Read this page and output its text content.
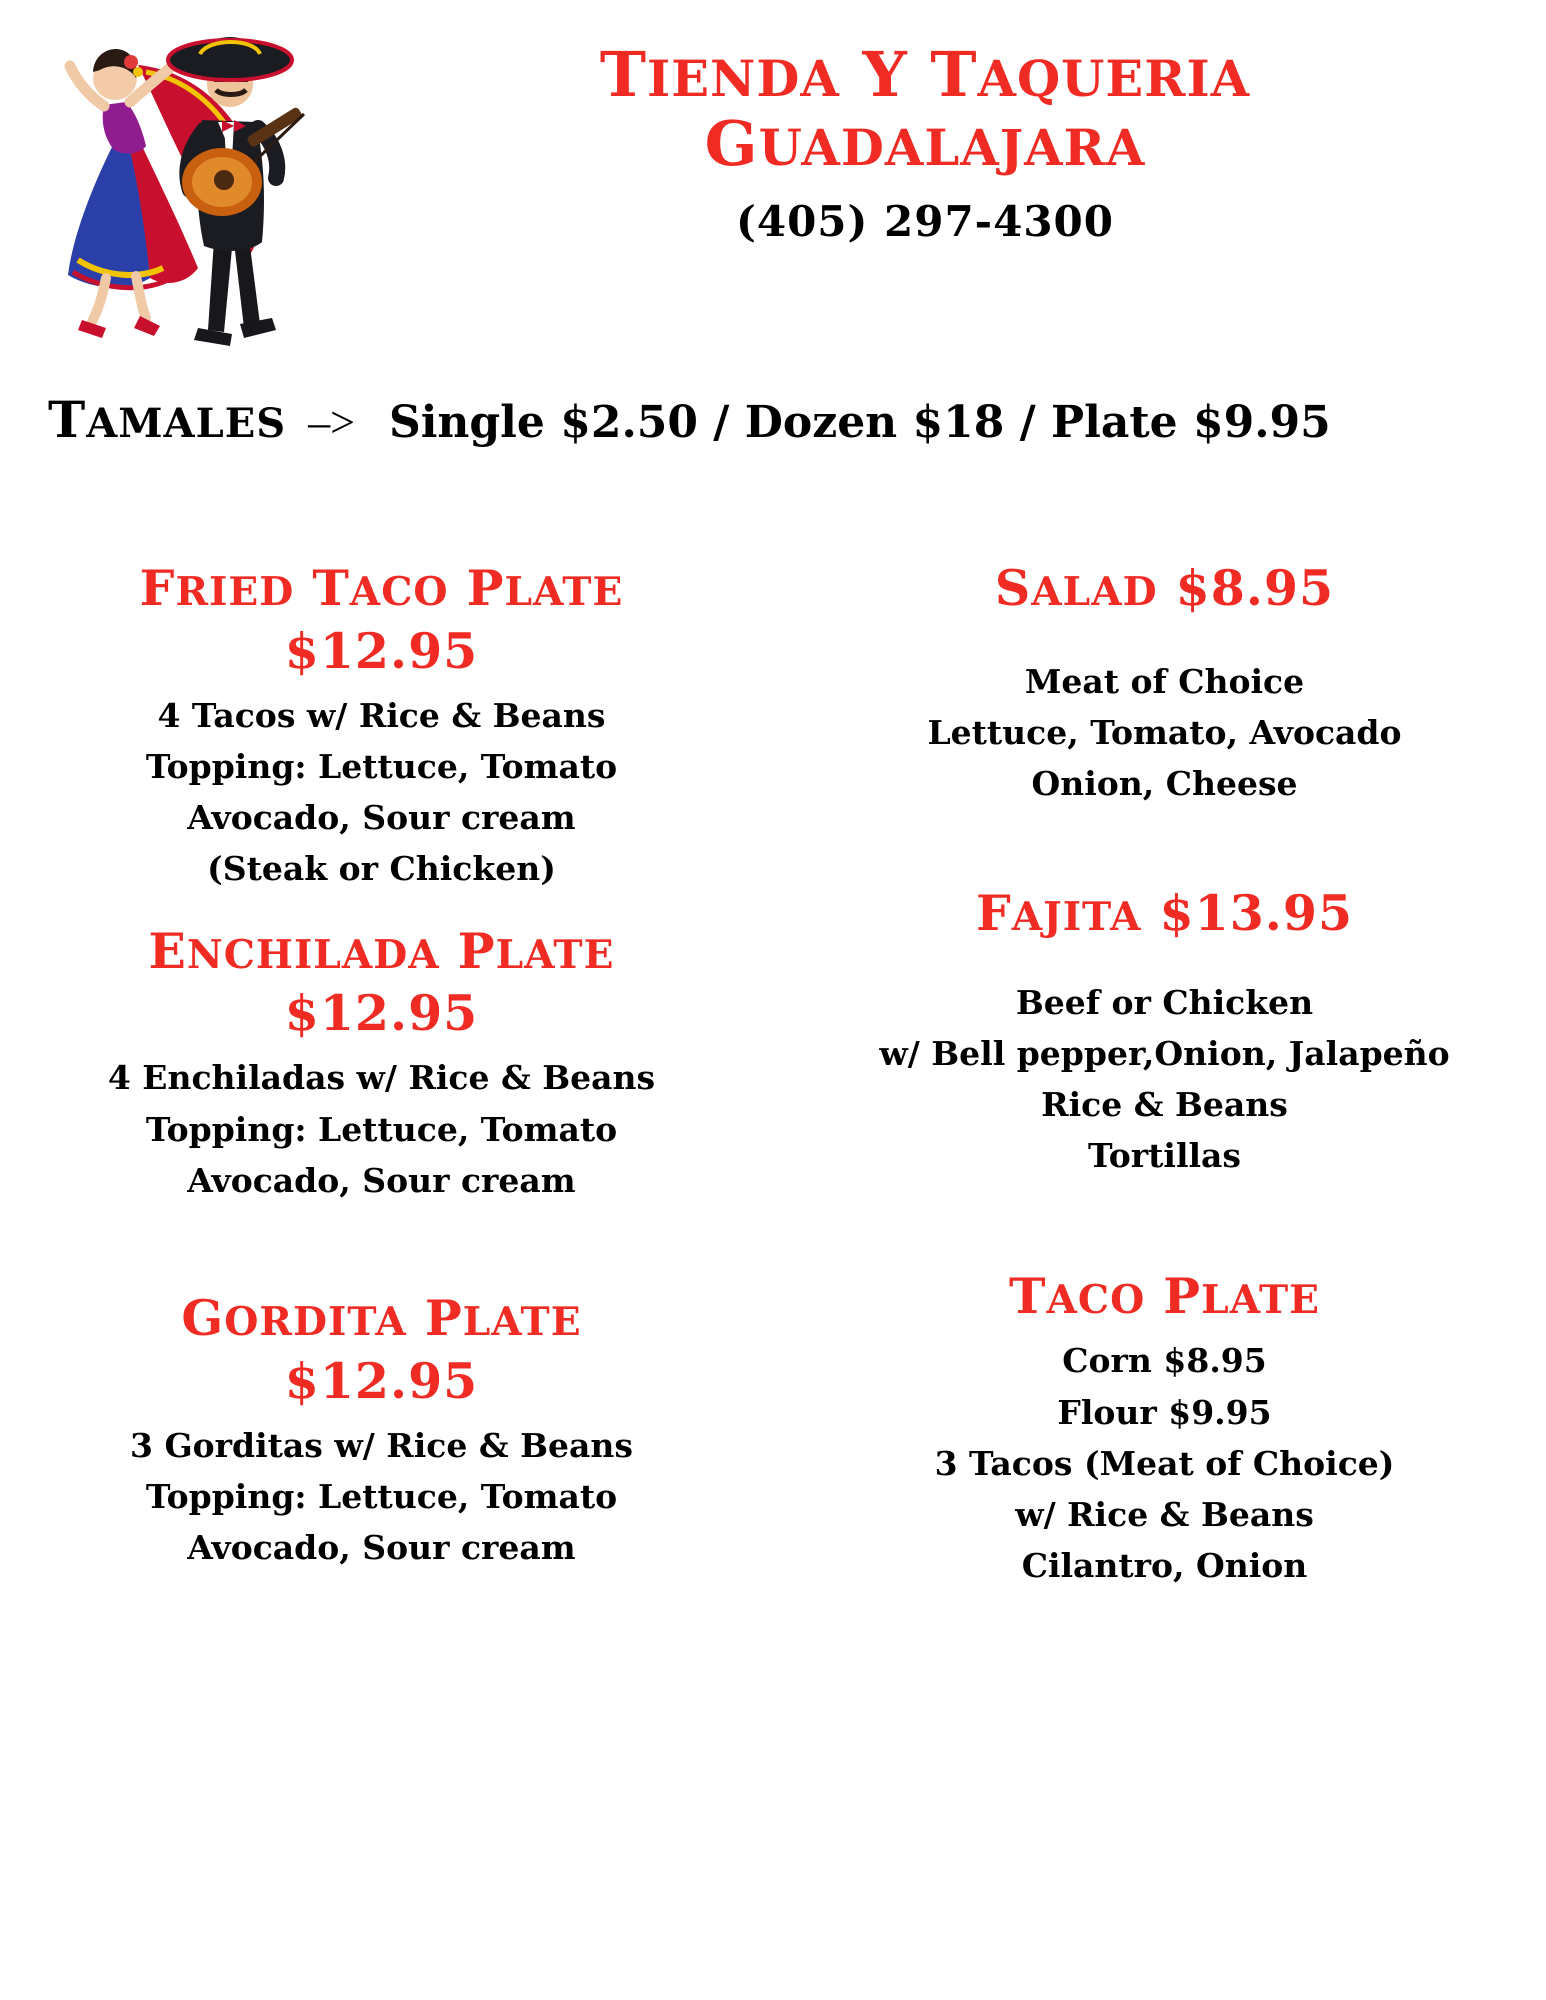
TIENDA Y TAQUERIA
GUADALAJARA
(405) 297-4300
TAMALES –> Single $2.50 / Dozen $18 / Plate $9.95
FRIED TACO PLATE
$12.95
4 Tacos w/ Rice & Beans
Topping: Lettuce, Tomato
Avocado, Sour cream
(Steak or Chicken)
ENCHILADA PLATE
$12.95
4 Enchiladas w/ Rice & Beans
Topping: Lettuce, Tomato
Avocado, Sour cream
GORDITA PLATE
$12.95
3 Gorditas w/ Rice & Beans
Topping: Lettuce, Tomato
Avocado, Sour cream
SALAD $8.95
Meat of Choice
Lettuce, Tomato, Avocado
Onion, Cheese
FAJITA $13.95
Beef or Chicken
w/ Bell pepper,Onion, Jalapeño
Rice & Beans
Tortillas
TACO PLATE
Corn $8.95
Flour $9.95
3 Tacos (Meat of Choice)
w/ Rice & Beans
Cilantro, Onion
